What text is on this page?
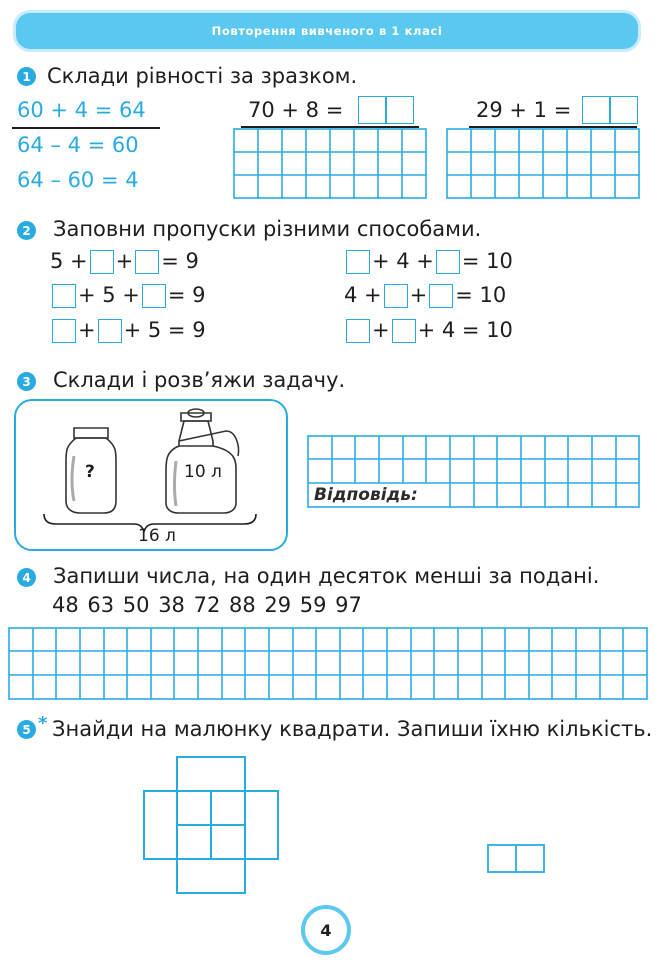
Повторення вивченого в 1 класі
1 Склади рівності за зразком.
60 + 4 = 64
64 – 4 = 60
64 – 60 = 4
70 + 8 =	29 + 1 =
2 Заповни пропуски різними способами.
5 + + = 9
+ 5 + = 9
+ + 5 = 9
+ 4 + = 10
4 + + = 10
+ + 4 = 10
3 Склади і розв’яжи задачу.
?	10 л
16 л
Відповідь:
4 Запиши числа, на один десяток менші за подані.
48 63 50 38 72 88 29 59 97
5 * Знайди на малюнку квадрати. Запиши їхню кількість.
4
